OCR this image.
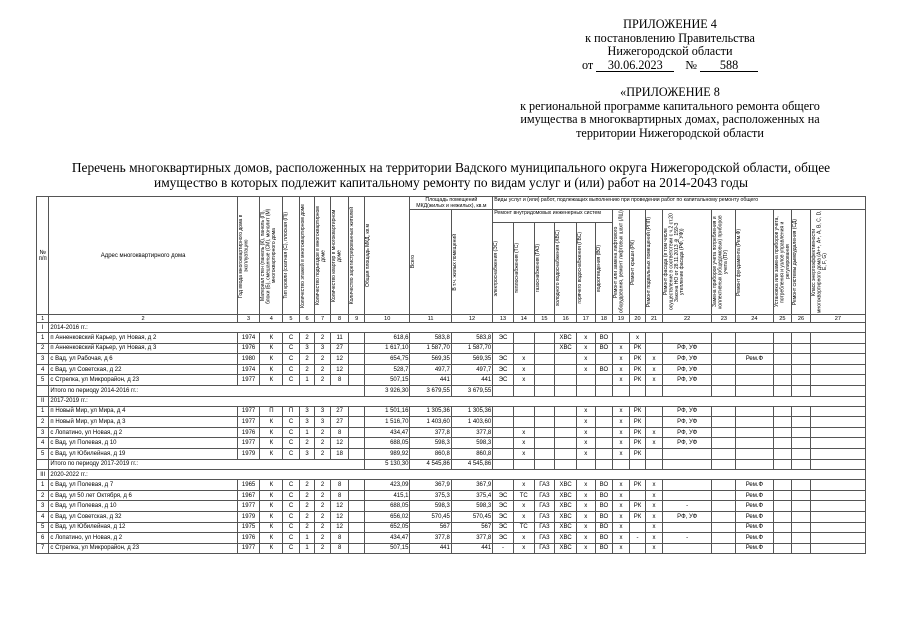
ПРИЛОЖЕНИЕ 4
к постановлению Правительства
Нижегородской области
от 30.06.2023 № 588
«ПРИЛОЖЕНИЕ 8
к региональной программе капитального ремонта общего
имущества в многоквартирных домах, расположенных на
территории Нижегородской области
Перечень многоквартирных домов, расположенных на территории Вадского муниципального округа Нижегородской области, общее
имущество в которых подлежит капитальному ремонту по видам услуг и (или) работ на 2014-2043 годы
№ п/п	Адрес многоквартирного дома	Год ввода многоквартирного дома в эксплуатацию	Материал стен (панель (К), панель (П), блоки (Б), смешанные (СМ), монолит (М) многоквартирного дома	Тип кровли (скатная (С), плоская (П))	Количество этажей в многоквартирном доме	Количество подъездов в многоквартирном доме	Количество квартир в многоквартирном доме	Количество зарегистрированных жителей	Общая площадь МКД, кв.м	Площадь помещений МКД(жилых и нежилых), кв.м		Виды услуг и (или) работ, подлежащих выполнению при проведении работ по капитальному ремонту общего														

										Всего	В т.ч. жилых помещений	Ремонт внутридомовых инженерных систем						Ремонт или замена лифтового оборудования, ремонт лифтовых шахт (ЛШ)	Ремонт крыши (РК)	Ремонт подвальных помещений (РПП)	Ремонт фасада (в том числе осуществление в соответствии с ч.2 ст.20 Закона НО от 28.11.2013 № 159-З утепление фасада (РФ, УФ))	Замена приборов учета потребления и коллективных (общедомовых) приборов учета (ПУ)	Ремонт фундамента (Рем.Ф)	Установка или замена приборов учета, потребления и узлов управления и регулирования	Ремонт системы дымоудаления (СД)	Класс энергоэффективности многоквартирного дома (А++, А+, А, В, С, D, E, F, G)

												электроснабжения (ЭС)	теплоснабжения (ТС)	газоснабжения (ГАЗ)	холодного водоснабжения (ХВС)	горячего водоснабжения (ГВС)	водоотведения (ВО)									

1	2	3	4	5	6	7	8	9	10	11	12	13	14	15	16	17	18	19	20	21	22	23	24	25	26	27
I	2014-2016 гг.:																									
1	п Анненковский Карьер, ул Новая, д 2	1974	К	С	2	2	11		618,6	583,8	583,8	ЭС			ХВС	х	ВО		х							
2	п Анненковский Карьер, ул Новая, д 3	1976	К	С	3	3	27		1 617,10	1 587,70	1 587,70				ХВС	х	ВО	х	РК		РФ, УФ					
3	с Вад, ул Рабочая, д 6	1980	К	С	2	2	12		654,75	569,35	569,35	ЭС	х			х		х	РК	х	РФ, УФ		Рем.Ф			
4	с Вад, ул Советская, д 22	1974	К	С	2	2	12		528,7	497,7	497,7	ЭС	х			х	ВО	х	РК	х	РФ, УФ					
5	с Стрелка, ул Микрорайон, д 23	1977	К	С	1	2	8		507,15	441	441	ЭС	х					х	РК	х	РФ, УФ					
	Итого по периоду 2014-2016 гг.:								3 926,30	3 679,55	3 679,55															
II	2017-2019 гг.:																									
1	п Новый Мир, ул Мира, д 4	1977	П	П	3	3	27		1 501,16	1 305,36	1 305,36					х		х	РК		РФ, УФ					
2	п Новый Мир, ул Мира, д 3	1977	К	С	3	3	27		1 516,70	1 403,60	1 403,60					х		х	РК		РФ, УФ					
3	с Лопатино, ул Новая, д 2	1976	К	С	1	2	8		434,47	377,8	377,8		х			х		х	РК	х	РФ, УФ					
4	с Вад, ул Полевая, д 10	1977	К	С	2	2	12		688,05	598,3	598,3		х			х		х	РК	х	РФ, УФ					
5	с Вад, ул Юбилейная, д 19	1979	К	С	3	2	18		989,92	860,8	860,8		х			х		х	РК							
	Итого по периоду 2017-2019 гг.:								5 130,30	4 545,86	4 545,86															
III	2020-2022 гг.:																									
1	с Вад, ул Полевая, д 7	1965	К	С	2	2	8		423,09	367,9	367,9		х	ГАЗ	ХВС	х	ВО	х	РК	х			Рем.Ф			
2	с Вад, ул 50 лет Октября, д 6	1967	К	С	2	2	8		415,1	375,3	375,4	ЭС	ТС	ГАЗ	ХВС	х	ВО	х		х			Рем.Ф			
3	с Вад, ул Полевая, д 10	1977	К	С	2	2	12		688,05	598,3	598,3	ЭС	х	ГАЗ	ХВС	х	ВО	х	РК	х	-		Рем.Ф			
4	с Вад, ул Советская, д 32	1979	К	С	2	2	12		656,02	570,45	570,45	ЭС	х	ГАЗ	ХВС	х	ВО	х	РК	х	РФ, УФ		Рем.Ф			
5	с Вад, ул Юбилейная, д 12	1975	К	С	2	2	12		652,05	567	567	ЭС	ТС	ГАЗ	ХВС	х	ВО	х		х			Рем.Ф			
6	с Лопатино, ул Новая, д 2	1976	К	С	1	2	8		434,47	377,8	377,8	ЭС	х	ГАЗ	ХВС	х	ВО	х	-	х	-		Рем.Ф			
7	с Стрелка, ул Микрорайон, д 23	1977	К	С	1	2	8		507,15	441	441	-	х	ГАЗ	ХВС	х	ВО	х		х			Рем.Ф			
